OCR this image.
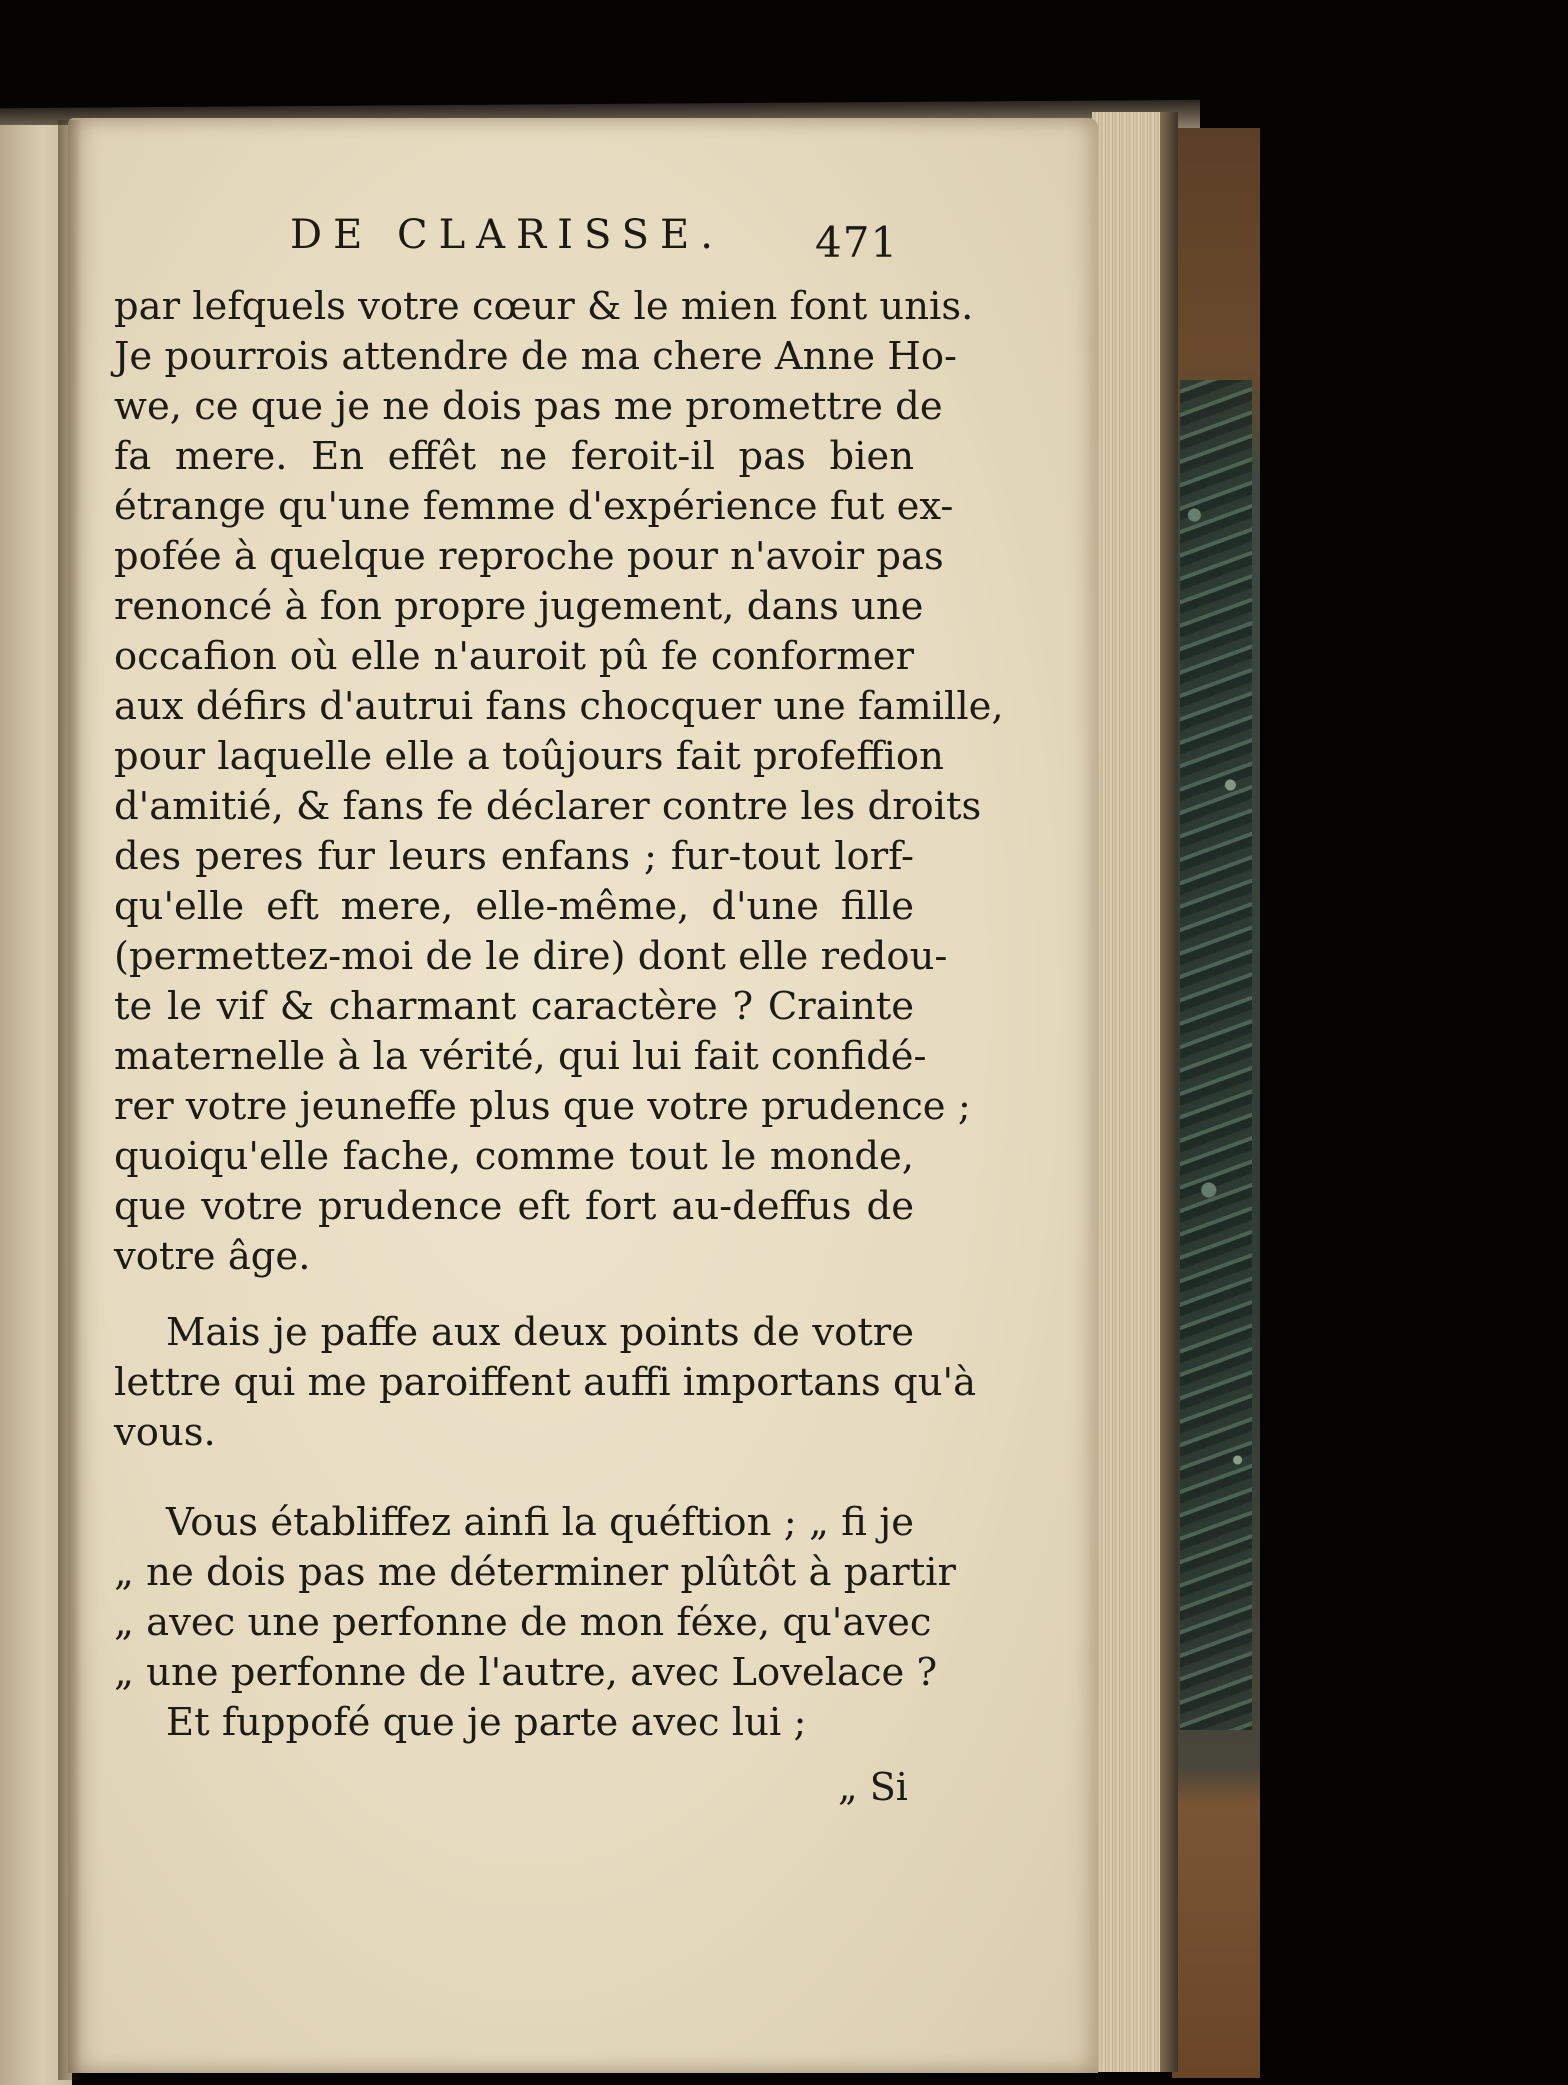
DE CLARISSE.	471
par lefquels votre cœur & le mien font unis.
Je pourrois attendre de ma chere Anne Ho-
we, ce que je ne dois pas me promettre de
fa mere. En effêt ne feroit-il pas bien
étrange qu'une femme d'expérience fut ex-
pofée à quelque reproche pour n'avoir pas
renoncé à fon propre jugement, dans une
occafion où elle n'auroit pû fe conformer
aux défirs d'autrui fans chocquer une famille,
pour laquelle elle a toûjours fait profeffion
d'amitié, & fans fe déclarer contre les droits
des peres fur leurs enfans ; fur-tout lorf-
qu'elle eft mere, elle-même, d'une fille
(permettez-moi de le dire) dont elle redou-
te le vif & charmant caractère ? Crainte
maternelle à la vérité, qui lui fait confidé-
rer votre jeuneffe plus que votre prudence ;
quoiqu'elle fache, comme tout le monde,
que votre prudence eft fort au-deffus de
votre âge.
Mais je paffe aux deux points de votre
lettre qui me paroiffent auffi importans qu'à
vous.
Vous établiffez ainfi la quéftion ; „ fi je
„ ne dois pas me déterminer plûtôt à partir
„ avec une perfonne de mon féxe, qu'avec
„ une perfonne de l'autre, avec Lovelace ?
Et fuppofé que je parte avec lui ;
„ Si
